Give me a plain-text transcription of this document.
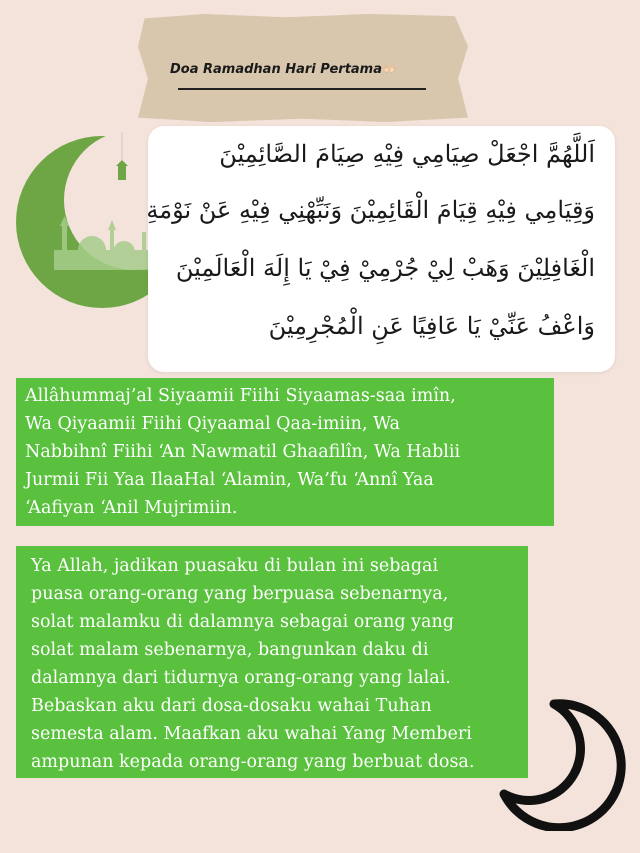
Doa Ramadhan Hari Pertama👐🏻
اَللَّهُمَّ اجْعَلْ صِيَامِي فِيْهِ صِيَامَ الصَّائِمِيْنَ
وَقِيَامِي فِيْهِ قِيَامَ الْقَائِمِيْنَ وَنَبِّهْنِي فِيْهِ عَنْ نَوْمَةِ
الْغَافِلِيْنَ وَهَبْ لِيْ جُرْمِيْ فِيْ يَا إِلَهَ الْعَالَمِيْنَ
وَاعْفُ عَنِّيْ يَا عَافِيًا عَنِ الْمُجْرِمِيْنَ
Allâhummaj’al Siyaamii Fiihi Siyaamas-saa imîn,
Wa Qiyaamii Fiihi Qiyaamal Qaa-imiin, Wa
Nabbihnî Fiihi ‘An Nawmatil Ghaafilîn, Wa Hablii
Jurmii Fii Yaa IlaaHal ‘Alamin, Wa’fu ‘Annî Yaa
‘Aafiyan ‘Anil Mujrimiin.
Ya Allah, jadikan puasaku di bulan ini sebagai
puasa orang-orang yang berpuasa sebenarnya,
solat malamku di dalamnya sebagai orang yang
solat malam sebenarnya, bangunkan daku di
dalamnya dari tidurnya orang-orang yang lalai.
Bebaskan aku dari dosa-dosaku wahai Tuhan
semesta alam. Maafkan aku wahai Yang Memberi
ampunan kepada orang-orang yang berbuat dosa.
